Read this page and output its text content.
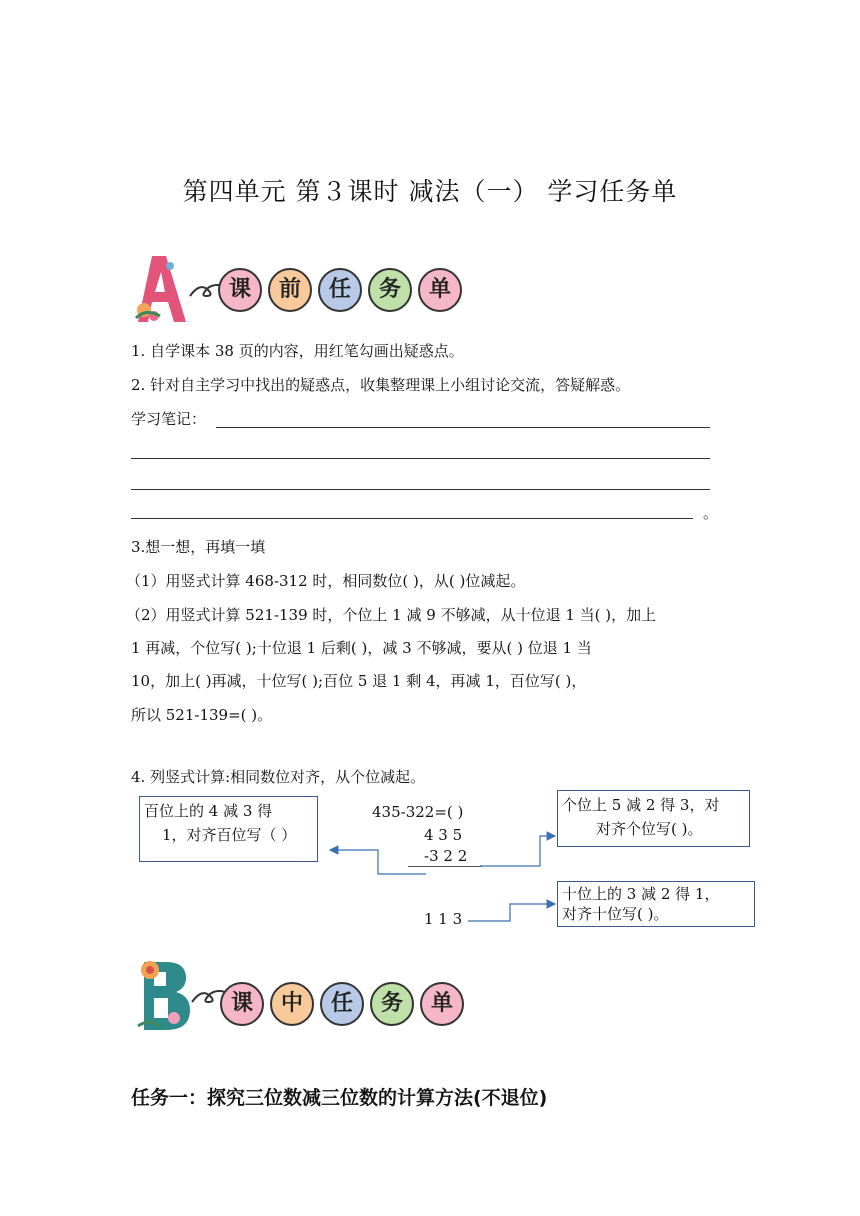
第四单元 第３课时 减法（一） 学习任务单
课	前	任	务	单
1. 自学课本 38 页的内容，用红笔勾画出疑惑点。
2. 针对自主学习中找出的疑惑点，收集整理课上小组讨论交流，答疑解惑。
学习笔记：
。
3.想一想，再填一填
（1）用竖式计算 468-312 时，相同数位( )，从( )位减起。
（2）用竖式计算 521-139 时，个位上 1 减 9 不够减，从十位退 1 当( )，加上
1 再减，个位写( );十位退 1 后剩( )，减 3 不够减，要从( ) 位退 1 当
10，加上( )再减，十位写( );百位 5 退 1 剩 4，再减 1，百位写( )，
所以 521-139=( )。
4. 列竖式计算:相同数位对齐，从个位减起。
百位上的 4 减 3 得
1，对齐百位写（ ）
个位上 5 减 2 得 3，对
对齐个位写( )。
十位上的 3 减 2 得 1，
对齐十位写( )。
435-322=( )
4 3 5
-3 2 2
1 1 3
课	中	任	务	单
任务一：探究三位数减三位数的计算方法(不退位)
